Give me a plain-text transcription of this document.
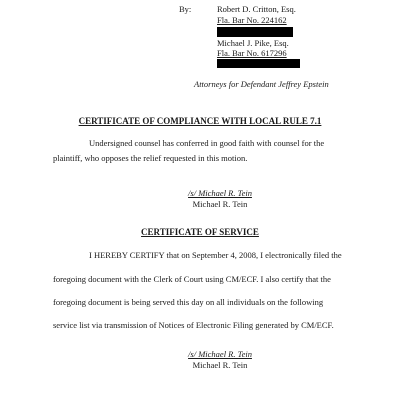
By:	Robert D. Critton, Esq.
Fla. Bar No. 224162
Michael J. Pike, Esq.
Fla. Bar No. 617296
Attorneys for Defendant Jeffrey Epstein
CERTIFICATE OF COMPLIANCE WITH LOCAL RULE 7.1
Undersigned counsel has conferred in good faith with counsel for the
plaintiff, who opposes the relief requested in this motion.
/s/ Michael R. Tein
Michael R. Tein
CERTIFICATE OF SERVICE
I HEREBY CERTIFY that on September 4, 2008, I electronically filed the
foregoing document with the Clerk of Court using CM/ECF. I also certify that the
foregoing document is being served this day on all individuals on the following
service list via transmission of Notices of Electronic Filing generated by CM/ECF.
/s/ Michael R. Tein
Michael R. Tein
